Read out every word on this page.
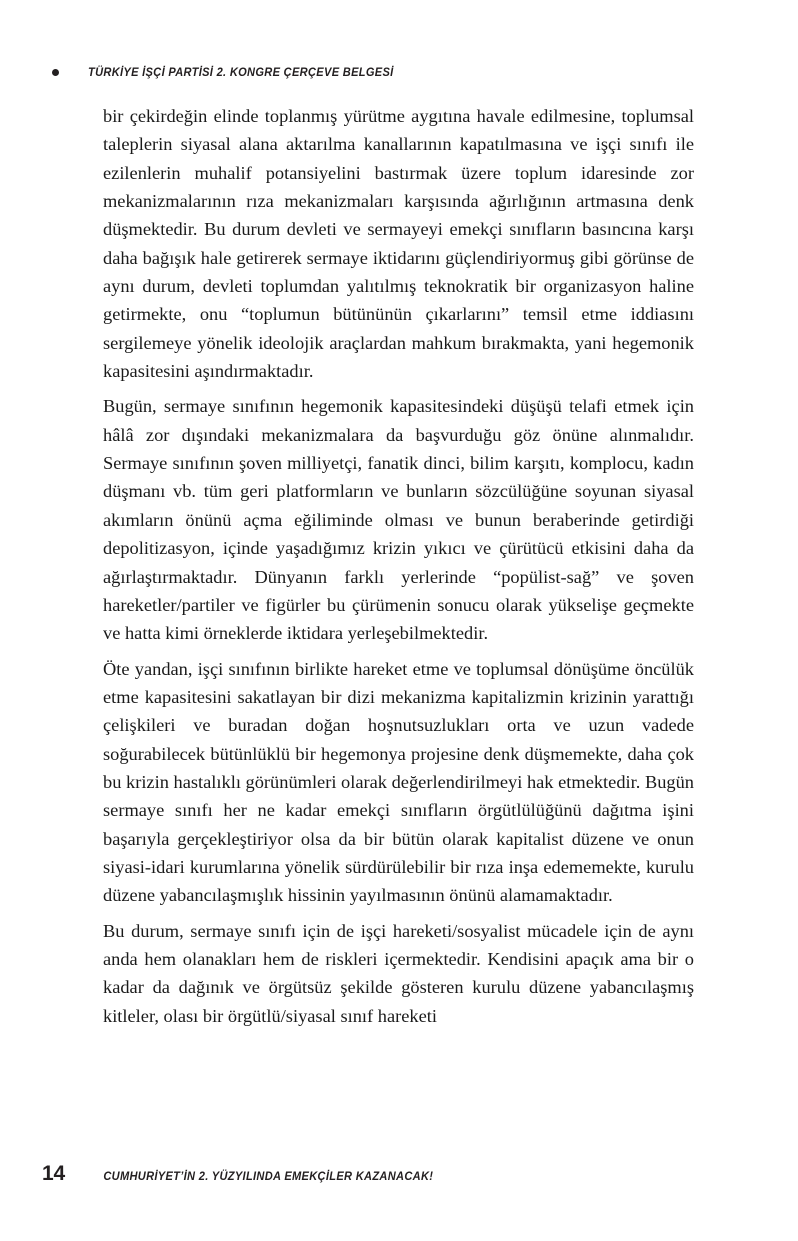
TÜRKİYE İŞÇİ PARTİSİ 2. KONGRE ÇERÇEVE BELGESİ

bir çekirdeğin elinde toplanmış yürütme aygıtına havale edilmesine, toplumsal taleplerin siyasal alana aktarılma kanallarının kapatılmasına ve işçi sınıfı ile ezilenlerin muhalif potansiyelini bastırmak üzere toplum idaresinde zor mekanizmalarının rıza mekanizmaları karşısında ağırlığının artmasına denk düşmektedir. Bu durum devleti ve sermayeyi emekçi sınıfların basıncına karşı daha bağışık hale getirerek sermaye iktidarını güçlendiriyormuş gibi görünse de aynı durum, devleti toplumdan yalıtılmış teknokratik bir organizasyon haline getirmekte, onu “toplumun bütününün çıkarlarını” temsil etme iddiasını sergilemeye yönelik ideolojik araçlardan mahkum bırakmakta, yani hegemonik kapasitesini aşındırmaktadır.

Bugün, sermaye sınıfının hegemonik kapasitesindeki düşüşü telafi etmek için hâlâ zor dışındaki mekanizmalara da başvurduğu göz önüne alınmalıdır. Sermaye sınıfının şoven milliyetçi, fanatik dinci, bilim karşıtı, komplocu, kadın düşmanı vb. tüm geri platformların ve bunların sözcülüğüne soyunan siyasal akımların önünü açma eğiliminde olması ve bunun beraberinde getirdiği depolitizasyon, içinde yaşadığımız krizin yıkıcı ve çürütücü etkisini daha da ağırlaştırmaktadır. Dünyanın farklı yerlerinde “popülist-sağ” ve şoven hareketler/partiler ve figürler bu çürümenin sonucu olarak yükselişe geçmekte ve hatta kimi örneklerde iktidara yerleşebilmektedir.

Öte yandan, işçi sınıfının birlikte hareket etme ve toplumsal dönüşüme öncülük etme kapasitesini sakatlayan bir dizi mekanizma kapitalizmin krizinin yarattığı çelişkileri ve buradan doğan hoşnutsuzlukları orta ve uzun vadede soğurabilecek bütünlüklü bir hegemonya projesine denk düşmemekte, daha çok bu krizin hastalıklı görünümleri olarak değerlendirilmeyi hak etmektedir. Bugün sermaye sınıfı her ne kadar emekçi sınıfların örgütlülüğünü dağıtma işini başarıyla gerçekleştiriyor olsa da bir bütün olarak kapitalist düzene ve onun siyasi-idari kurumlarına yönelik sürdürülebilir bir rıza inşa edememekte, kurulu düzene yabancılaşmışlık hissinin yayılmasının önünü alamamaktadır.

Bu durum, sermaye sınıfı için de işçi hareketi/sosyalist mücadele için de aynı anda hem olanakları hem de riskleri içermektedir. Kendisini apaçık ama bir o kadar da dağınık ve örgütsüz şekilde gösteren kurulu düzene yabancılaşmış kitleler, olası bir örgütlü/siyasal sınıf hareketi

14	CUMHURİYET’İN 2. YÜZYILINDA EMEKÇİLER KAZANACAK!
